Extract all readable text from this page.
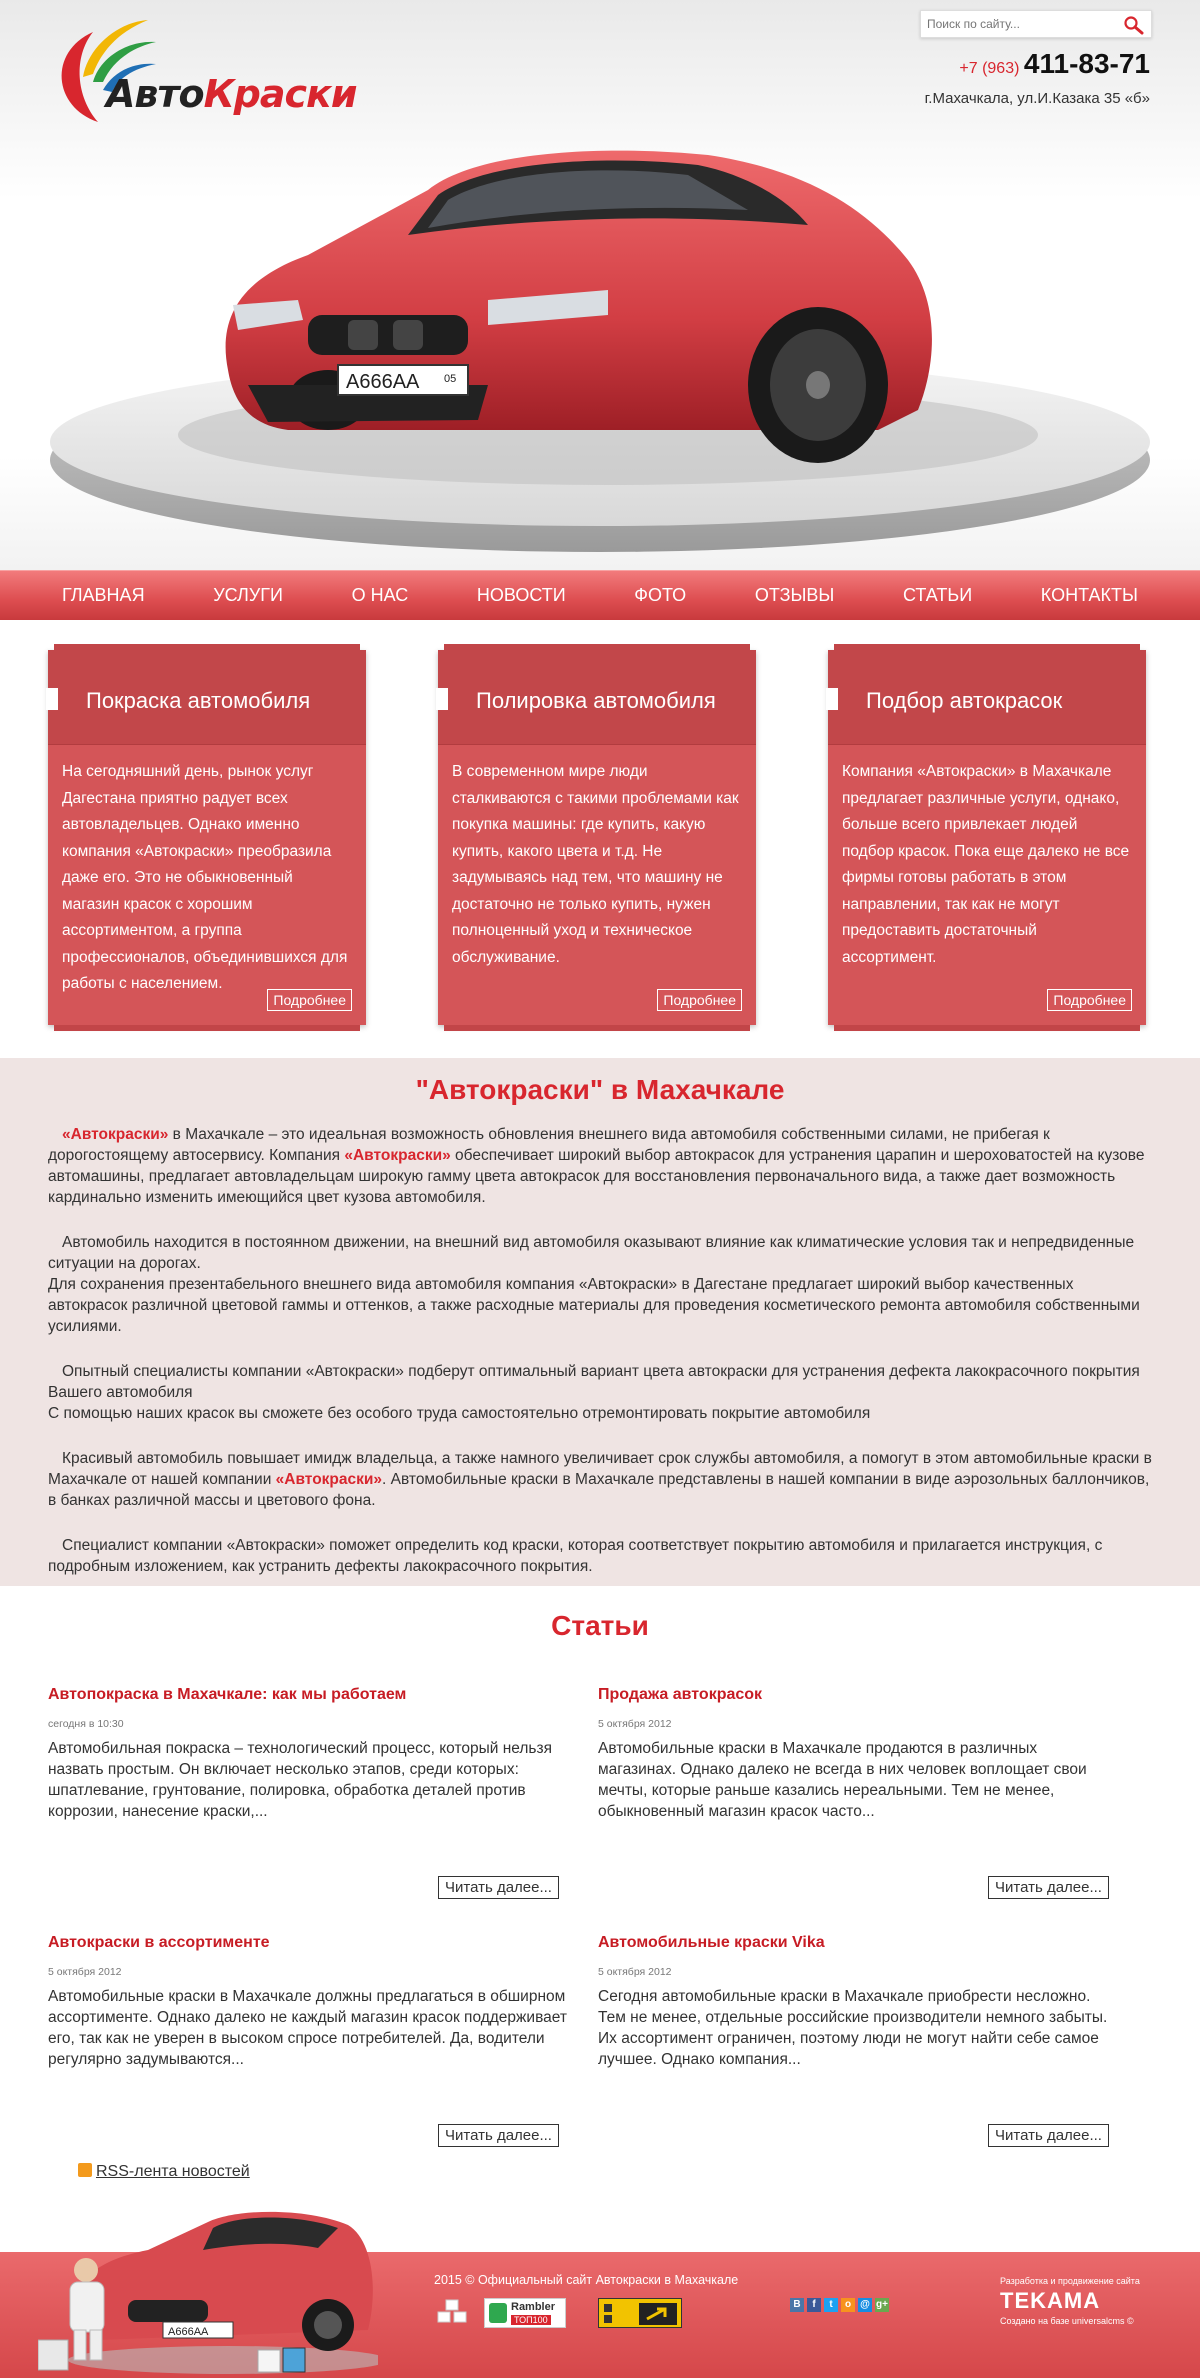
АвтоКраски
Поиск по сайту...
+7 (963) 411-83-71
г.Махачкала, ул.И.Казака 35 «б»
А666АА 05
ГЛАВНАЯ	УСЛУГИ	О НАС	НОВОСТИ	ФОТО	ОТЗЫВЫ	СТАТЬИ	КОНТАКТЫ
Покраска автомобиля
На сегодняшний день, рынок услуг Дагестана приятно радует всех автовладельцев. Однако именно компания «Автокраски» преобразила даже его. Это не обыкновенный магазин красок с хорошим ассортиментом, а группа профессионалов, объединившихся для работы с населением.
Подробнее
Полировка автомобиля
В современном мире люди сталкиваются с такими проблемами как покупка машины: где купить, какую купить, какого цвета и т.д. Не задумываясь над тем, что машину не достаточно не только купить, нужен полноценный уход и техническое обслуживание.
Подробнее
Подбор автокрасок
Компания «Автокраски» в Махачкале предлагает различные услуги, однако, больше всего привлекает людей подбор красок. Пока еще далеко не все фирмы готовы работать в этом направлении, так как не могут предоставить достаточный ассортимент.
Подробнее
"Автокраски" в Махачкале

«Автокраски» в Махачкале – это идеальная возможность обновления внешнего вида автомобиля собственными силами, не прибегая к дорогостоящему автосервису. Компания «Автокраски» обеспечивает широкий выбор автокрасок для устранения царапин и шероховатостей на кузове автомашины, предлагает автовладельцам широкую гамму цвета автокрасок для восстановления первоначального вида, а также дает возможность кардинально изменить имеющийся цвет кузова автомобиля.

Автомобиль находится в постоянном движении, на внешний вид автомобиля оказывают влияние как климатические условия так и непредвиденные ситуации на дорогах.

Для сохранения презентабельного внешнего вида автомобиля компания «Автокраски» в Дагестане предлагает широкий выбор качественных автокрасок различной цветовой гаммы и оттенков, а также расходные материалы для проведения косметического ремонта автомобиля собственными усилиями.

Опытный специалисты компании «Автокраски» подберут оптимальный вариант цвета автокраски для устранения дефекта лакокрасочного покрытия Вашего автомобиля

С помощью наших красок вы сможете без особого труда самостоятельно отремонтировать покрытие автомобиля

Красивый автомобиль повышает имидж владельца, а также намного увеличивает срок службы автомобиля, а помогут в этом автомобильные краски в Махачкале от нашей компании «Автокраски». Автомобильные краски в Махачкале представлены в нашей компании в виде аэрозольных баллончиков, в банках различной массы и цветового фона.

Специалист компании «Автокраски» поможет определить код краски, которая соответствует покрытию автомобиля и прилагается инструкция, с подробным изложением, как устранить дефекты лакокрасочного покрытия.

Статьи
Автопокраска в Махачкале: как мы работаем
сегодня в 10:30
Автомобильная покраска – технологический процесс, который нельзя назвать простым. Он включает несколько этапов, среди которых: шпатлевание, грунтование, полировка, обработка деталей против коррозии, нанесение краски,...
Читать далее...
Продажа автокрасок
5 октября 2012
Автомобильные краски в Махачкале продаются в различных магазинах. Однако далеко не всегда в них человек воплощает свои мечты, которые раньше казались нереальными. Тем не менее, обыкновенный магазин красок часто...
Читать далее...
Автокраски в ассортименте
5 октября 2012
Автомобильные краски в Махачкале должны предлагаться в обширном ассортименте. Однако далеко не каждый магазин красок поддерживает его, так как не уверен в высоком спросе потребителей. Да, водители регулярно задумываются...
Читать далее...
Автомобильные краски Vika
5 октября 2012
Сегодня автомобильные краски в Махачкале приобрести несложно. Тем не менее, отдельные российские производители немного забыты. Их ассортимент ограничен, поэтому люди не могут найти себе самое лучшее. Однако компания...
Читать далее...
RSS-лента новостей
А666АА
2015 © Официальный сайт Автокраски в Махачкале
Rambler
ТОП100
В	f	t	o @ g+
Разработка и продвижение сайта
TEKAMA
Создано на базе universalcms ©
